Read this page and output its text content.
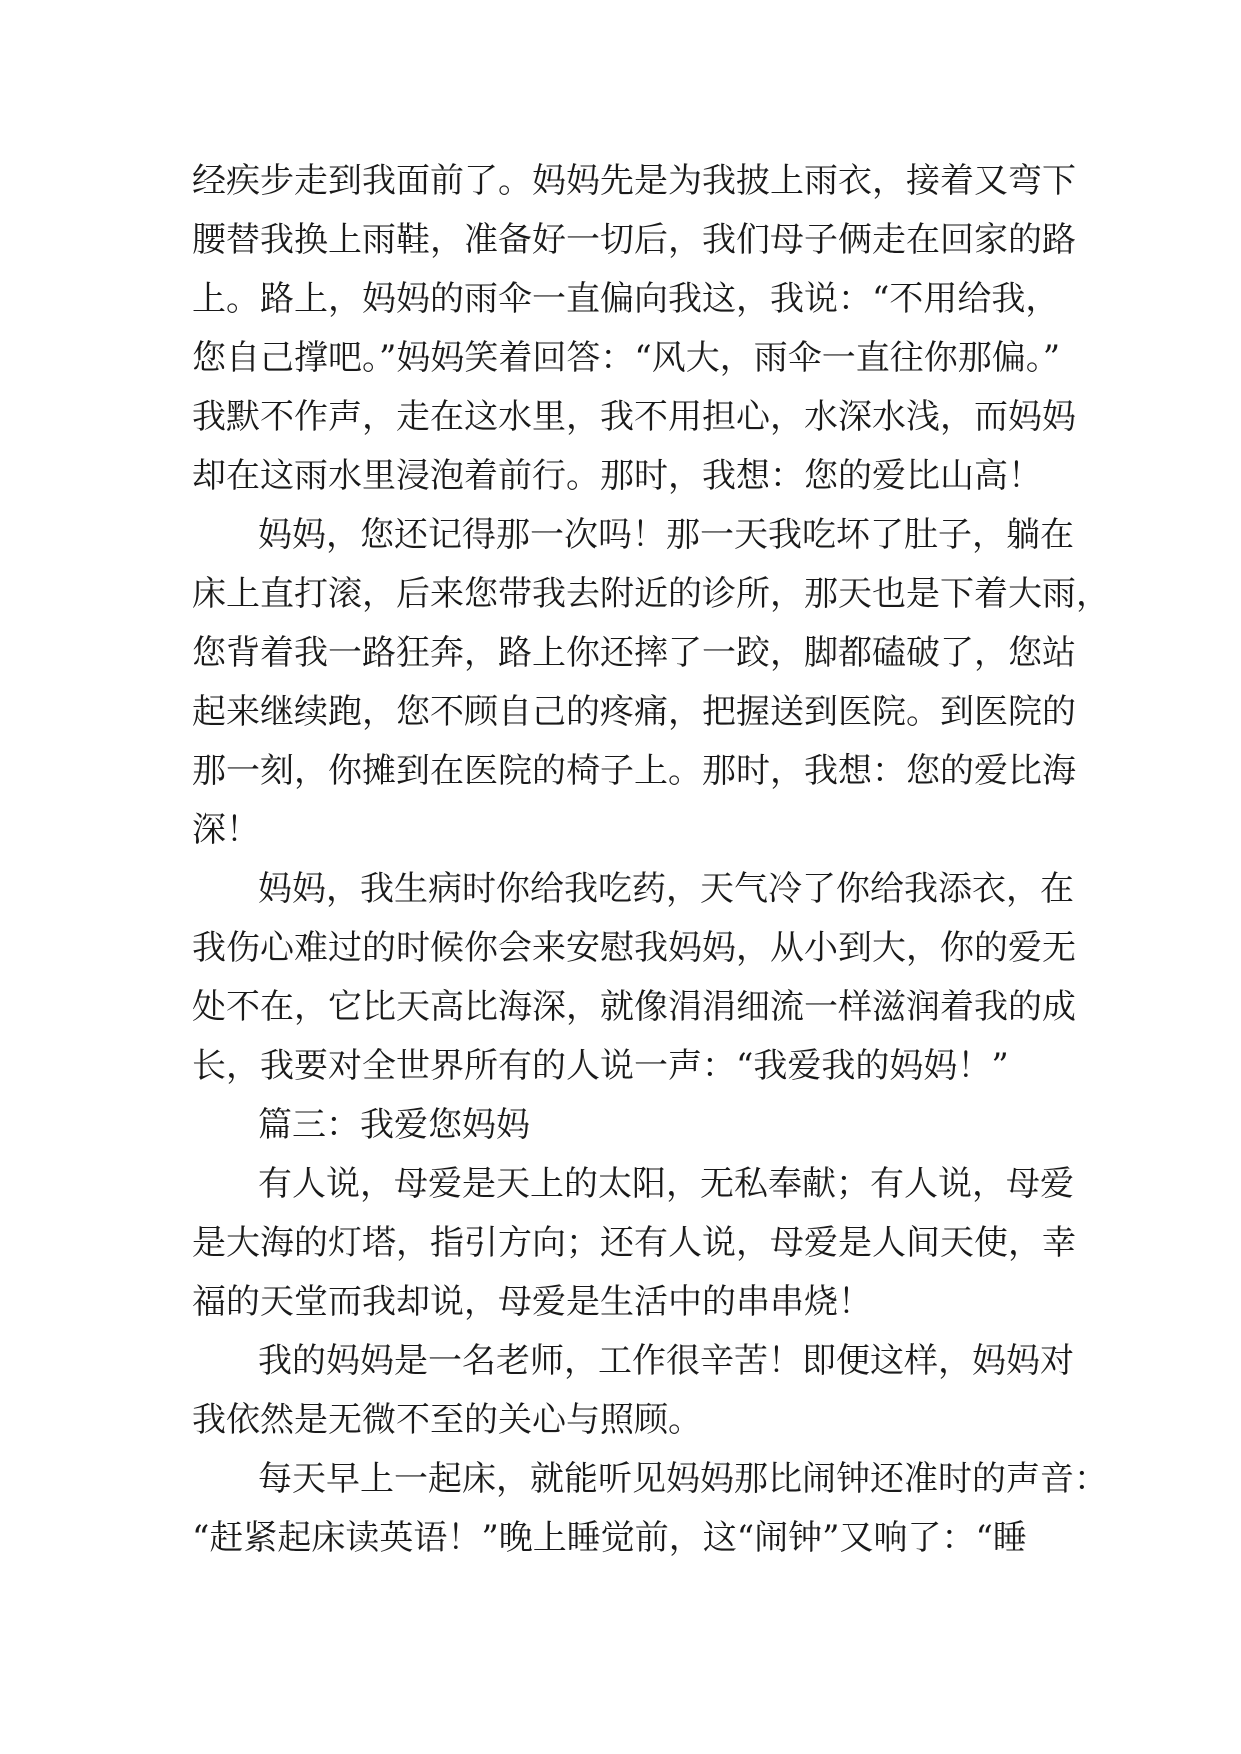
经疾步走到我面前了。妈妈先是为我披上雨衣，接着又弯下
腰替我换上雨鞋，准备好一切后，我们母子俩走在回家的路
上。路上，妈妈的雨伞一直偏向我这，我说：“不用给我，
您自己撑吧。”妈妈笑着回答：“风大，雨伞一直往你那偏。”
我默不作声，走在这水里，我不用担心，水深水浅，而妈妈
却在这雨水里浸泡着前行。那时，我想：您的爱比山高！
妈妈，您还记得那一次吗！那一天我吃坏了肚子，躺在
床上直打滚，后来您带我去附近的诊所，那天也是下着大雨，
您背着我一路狂奔，路上你还摔了一跤，脚都磕破了，您站
起来继续跑，您不顾自己的疼痛，把握送到医院。到医院的
那一刻，你摊到在医院的椅子上。那时，我想：您的爱比海
深！
妈妈，我生病时你给我吃药，天气冷了你给我添衣，在
我伤心难过的时候你会来安慰我妈妈，从小到大，你的爱无
处不在，它比天高比海深，就像涓涓细流一样滋润着我的成
长，我要对全世界所有的人说一声：“我爱我的妈妈！”
篇三：我爱您妈妈
有人说，母爱是天上的太阳，无私奉献；有人说，母爱
是大海的灯塔，指引方向；还有人说，母爱是人间天使，幸
福的天堂而我却说，母爱是生活中的串串烧！
我的妈妈是一名老师，工作很辛苦！即便这样，妈妈对
我依然是无微不至的关心与照顾。
每天早上一起床，就能听见妈妈那比闹钟还准时的声音：
“赶紧起床读英语！”晚上睡觉前，这“闹钟”又响了：“睡
